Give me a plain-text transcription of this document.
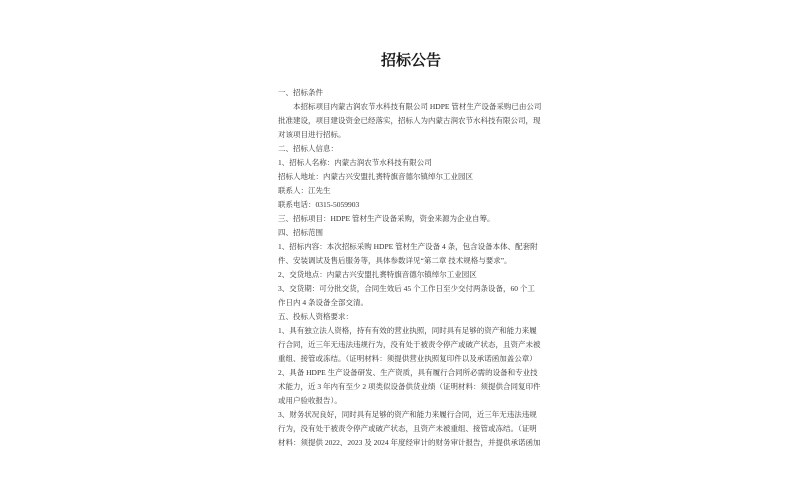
招标公告
一、招标条件
本招标项目内蒙古润农节水科技有限公司 HDPE 管材生产设备采购已由公司
批准建设，项目建设资金已经落实，招标人为内蒙古润农节水科技有限公司，现
对该项目进行招标。
二、招标人信息：
1、招标人名称：内蒙古润农节水科技有限公司
招标人地址：内蒙古兴安盟扎赉特旗音德尔镇绰尔工业园区
联系人：江先生
联系电话：0315-5059903
三、招标项目：HDPE 管材生产设备采购，资金来源为企业自筹。
四、招标范围
1、招标内容：本次招标采购 HDPE 管材生产设备 4 条，包含设备本体、配套附
件、安装调试及售后服务等，具体参数详见“第二章 技术规格与要求”。
2、交货地点：内蒙古兴安盟扎赉特旗音德尔镇绰尔工业园区
3、交货期：可分批交货，合同生效后 45 个工作日至少交付两条设备，60 个工
作日内 4 条设备全部交清。
五、投标人资格要求：
1、具有独立法人资格，持有有效的营业执照，同时具有足够的资产和能力来履
行合同，近三年无违法违规行为，没有处于被责令停产或破产状态，且资产未被
重组、接管或冻结。（证明材料：须提供营业执照复印件以及承诺函加盖公章）
2、具备 HDPE 生产设备研发、生产资质，具有履行合同所必需的设备和专业技
术能力，近 3 年内有至少 2 项类似设备供货业绩（证明材料：须提供合同复印件
或用户验收报告）。
3、财务状况良好，同时具有足够的资产和能力来履行合同，近三年无违法违规
行为，没有处于被责令停产或破产状态，且资产未被重组、接管或冻结。（证明
材料：须提供 2022、2023 及 2024 年度经审计的财务审计报告，并提供承诺函加
